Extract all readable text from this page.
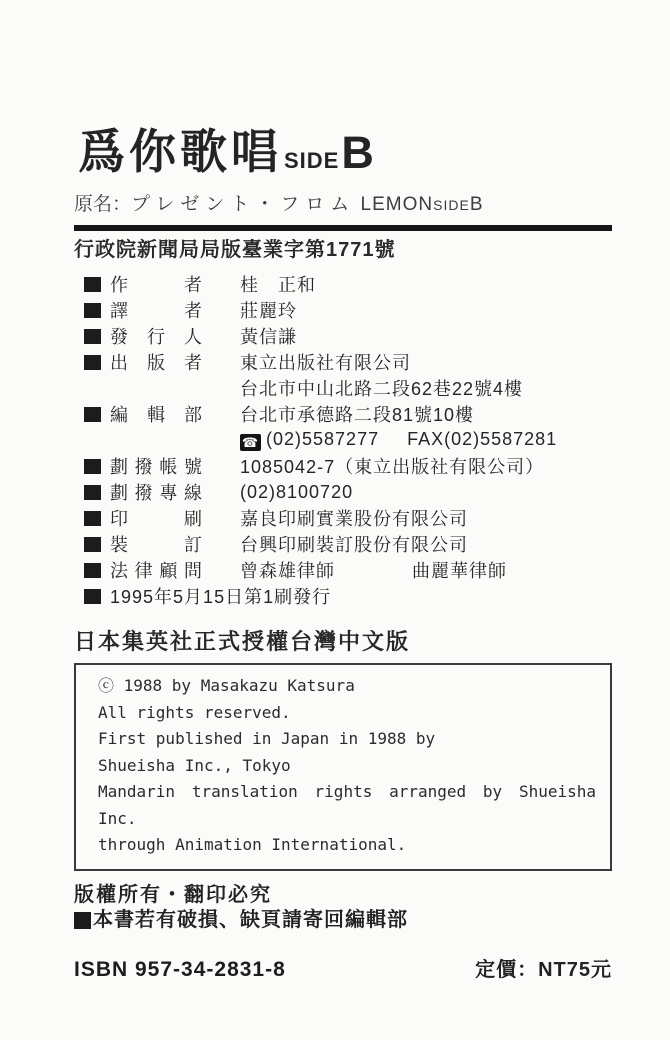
爲你歌唱SIDEB
原名：プレゼント・フロム LEMONSIDEB
行政院新聞局局版臺業字第1771號
作	者 桂　正和
譯	者 莊麗玲
發 行 人 黃信謙
出 版 者 東立出版社有限公司
台北市中山北路二段62巷22號4樓
編 輯 部 台北市承德路二段81號10樓
☎ (02)5587277 FAX(02)5587281
劃 撥 帳 號 1085042-7（東立出版社有限公司）
劃 撥 專 線 (02)8100720
印	刷 嘉良印刷實業股份有限公司
裝	訂 台興印刷裝訂股份有限公司
法 律 顧 問 曾森雄律師	曲麗華律師
1995年5月15日第1刷發行
日本集英社正式授權台灣中文版
ⓒ 1988 by Masakazu Katsura
All rights reserved.
First published in Japan in 1988 by
Shueisha Inc., Tokyo
Mandarin translation rights arranged by Shueisha Inc.
through Animation International.
版權所有・翻印必究
本書若有破損、缺頁請寄回編輯部
ISBN 957-34-2831-8	定價：NT75元
